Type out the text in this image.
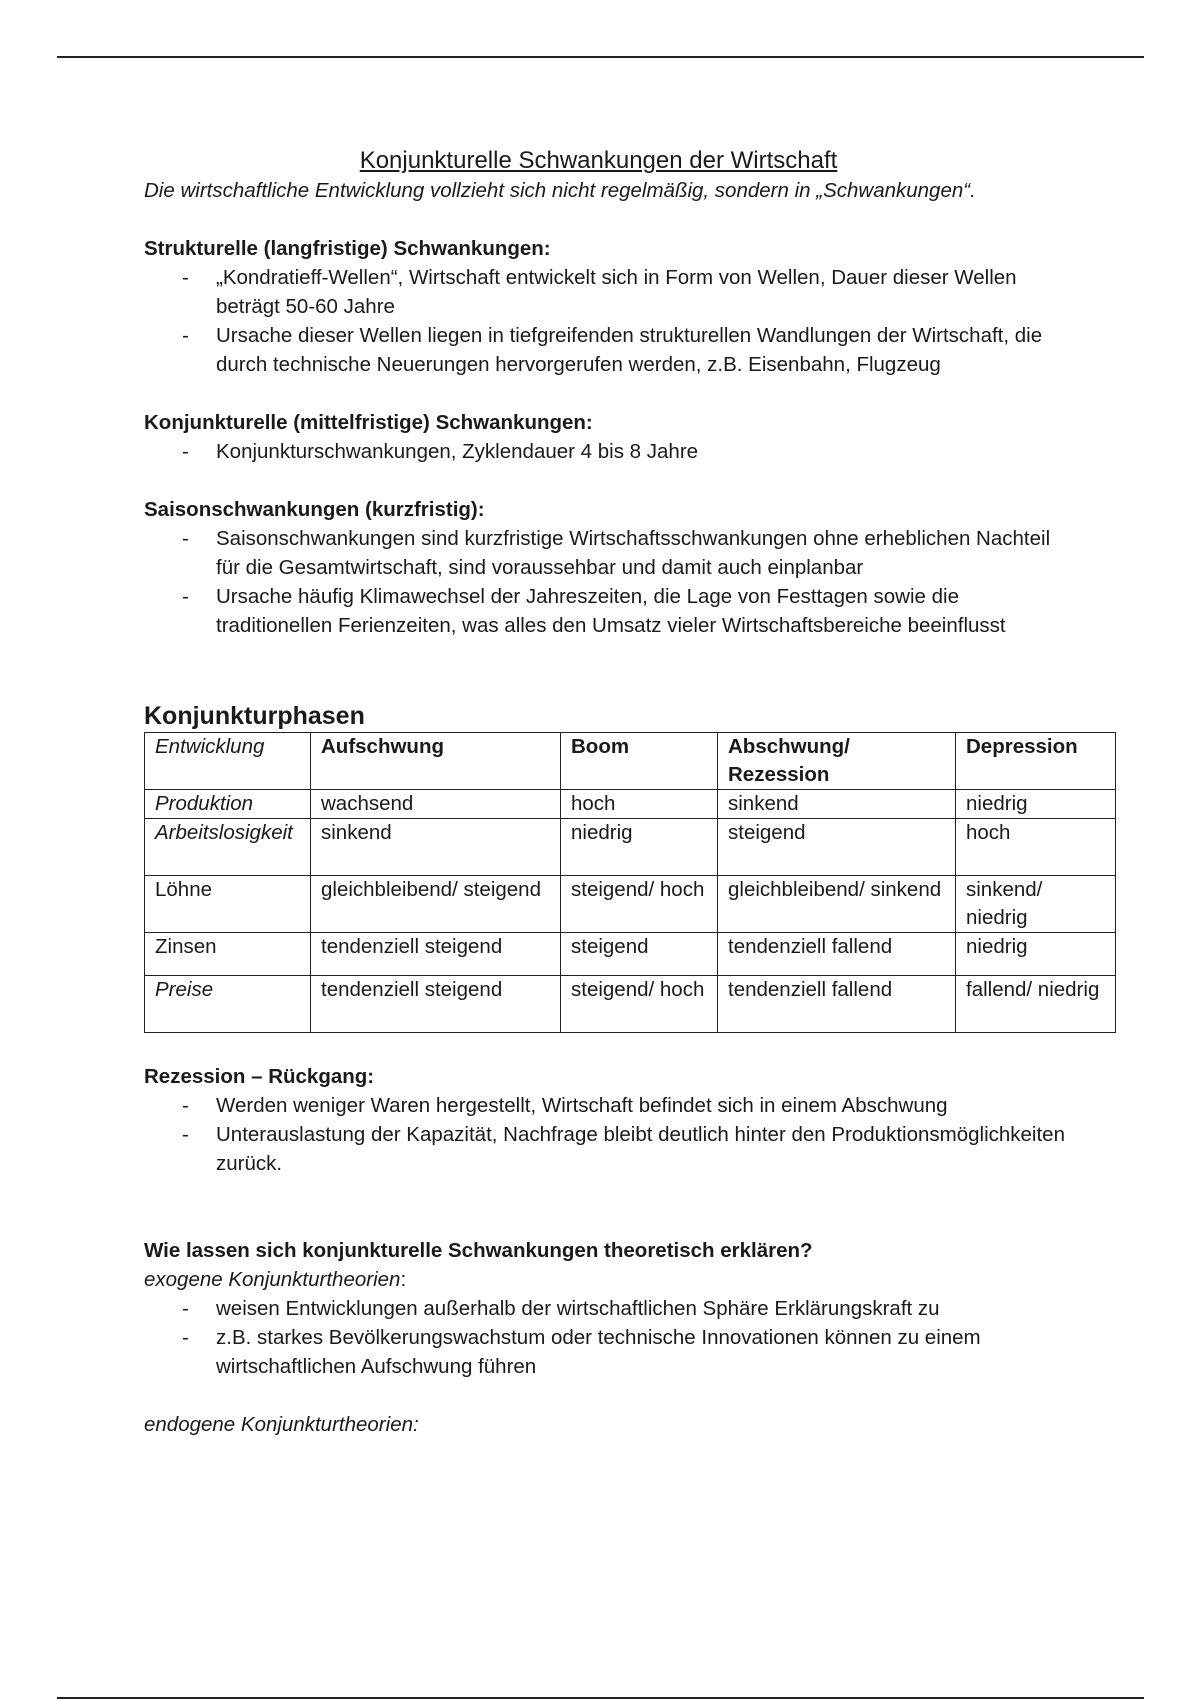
Konjunkturelle Schwankungen der Wirtschaft
Die wirtschaftliche Entwicklung vollzieht sich nicht regelmäßig, sondern in „Schwankungen“.
Strukturelle (langfristige) Schwankungen:
- „Kondratieff-Wellen“, Wirtschaft entwickelt sich in Form von Wellen, Dauer dieser Wellen beträgt 50-60 Jahre
- Ursache dieser Wellen liegen in tiefgreifenden strukturellen Wandlungen der Wirtschaft, die durch technische Neuerungen hervorgerufen werden, z.B. Eisenbahn, Flugzeug
Konjunkturelle (mittelfristige) Schwankungen:
- Konjunkturschwankungen, Zyklendauer 4 bis 8 Jahre
Saisonschwankungen (kurzfristig):
- Saisonschwankungen sind kurzfristige Wirtschaftsschwankungen ohne erheblichen Nachteil für die Gesamtwirtschaft, sind voraussehbar und damit auch einplanbar
- Ursache häufig Klimawechsel der Jahreszeiten, die Lage von Festtagen sowie die traditionellen Ferienzeiten, was alles den Umsatz vieler Wirtschaftsbereiche beeinflusst
Konjunkturphasen
Entwicklung	Aufschwung	Boom	Abschwung/ Rezession	Depression
Produktion	wachsend	hoch	sinkend	niedrig
Arbeitslosigkeit	sinkend	niedrig	steigend	hoch
Löhne	gleichbleibend/ steigend	steigend/ hoch	gleichbleibend/ sinkend	sinkend/ niedrig
Zinsen	tendenziell steigend	steigend	tendenziell fallend	niedrig
Preise	tendenziell steigend	steigend/ hoch	tendenziell fallend	fallend/ niedrig
Rezession – Rückgang:
- Werden weniger Waren hergestellt, Wirtschaft befindet sich in einem Abschwung
- Unterauslastung der Kapazität, Nachfrage bleibt deutlich hinter den Produktionsmöglichkeiten zurück.
Wie lassen sich konjunkturelle Schwankungen theoretisch erklären?
exogene Konjunkturtheorien:
- weisen Entwicklungen außerhalb der wirtschaftlichen Sphäre Erklärungskraft zu
- z.B. starkes Bevölkerungswachstum oder technische Innovationen können zu einem wirtschaftlichen Aufschwung führen
endogene Konjunkturtheorien:
